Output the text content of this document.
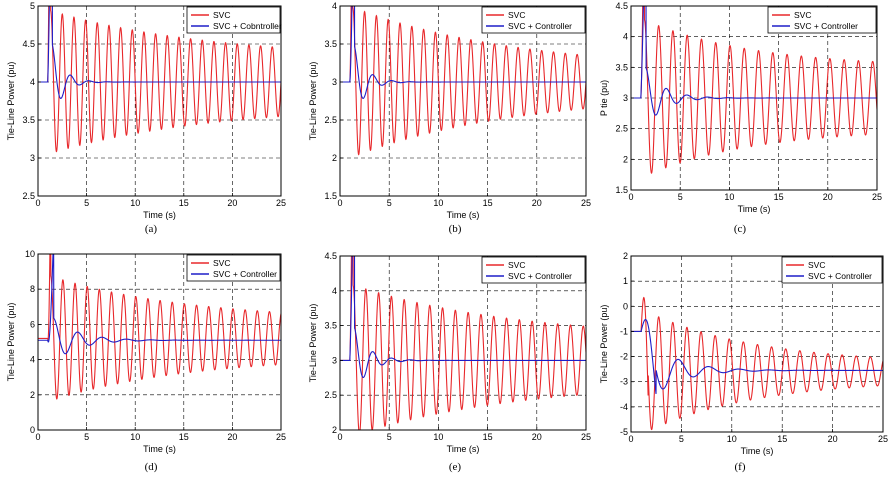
0	5	10	15	20	25
2.5
3
3.5
4
4.5
5
Time (s)
Tie-Line Power (pu)
SVC
SVC + Cobntroller
(a)
0	5	10	15	20	25
1.5
2
2.5
3
3.5
4
Time (s)
Tie-Line Power (pu)
SVC
SVC + Controller
(b)
0	5	10	15	20	25
1.5
2
2.5
3
3.5
4
4.5
Time (s)
P tie (pu)
SVC
SVC + Controller
(c)
0	5	10	15	20	25
0
2
4
6
8
10
Time (s)
Tie-Line Power (pu)
SVC
SVC + Controller
(d)
0	5	10	15	20	25
2
2.5
3
3.5
4
4.5
Time (s)
Tie-Line Power (pu)
SVC
SVC + Controller
(e)
0	5	10	15	20	25
-5
-4
-3
-2
-1
0
1
2
Time (s)
Tie-Line Power (pu)
SVC
SVC + Controller
(f)
